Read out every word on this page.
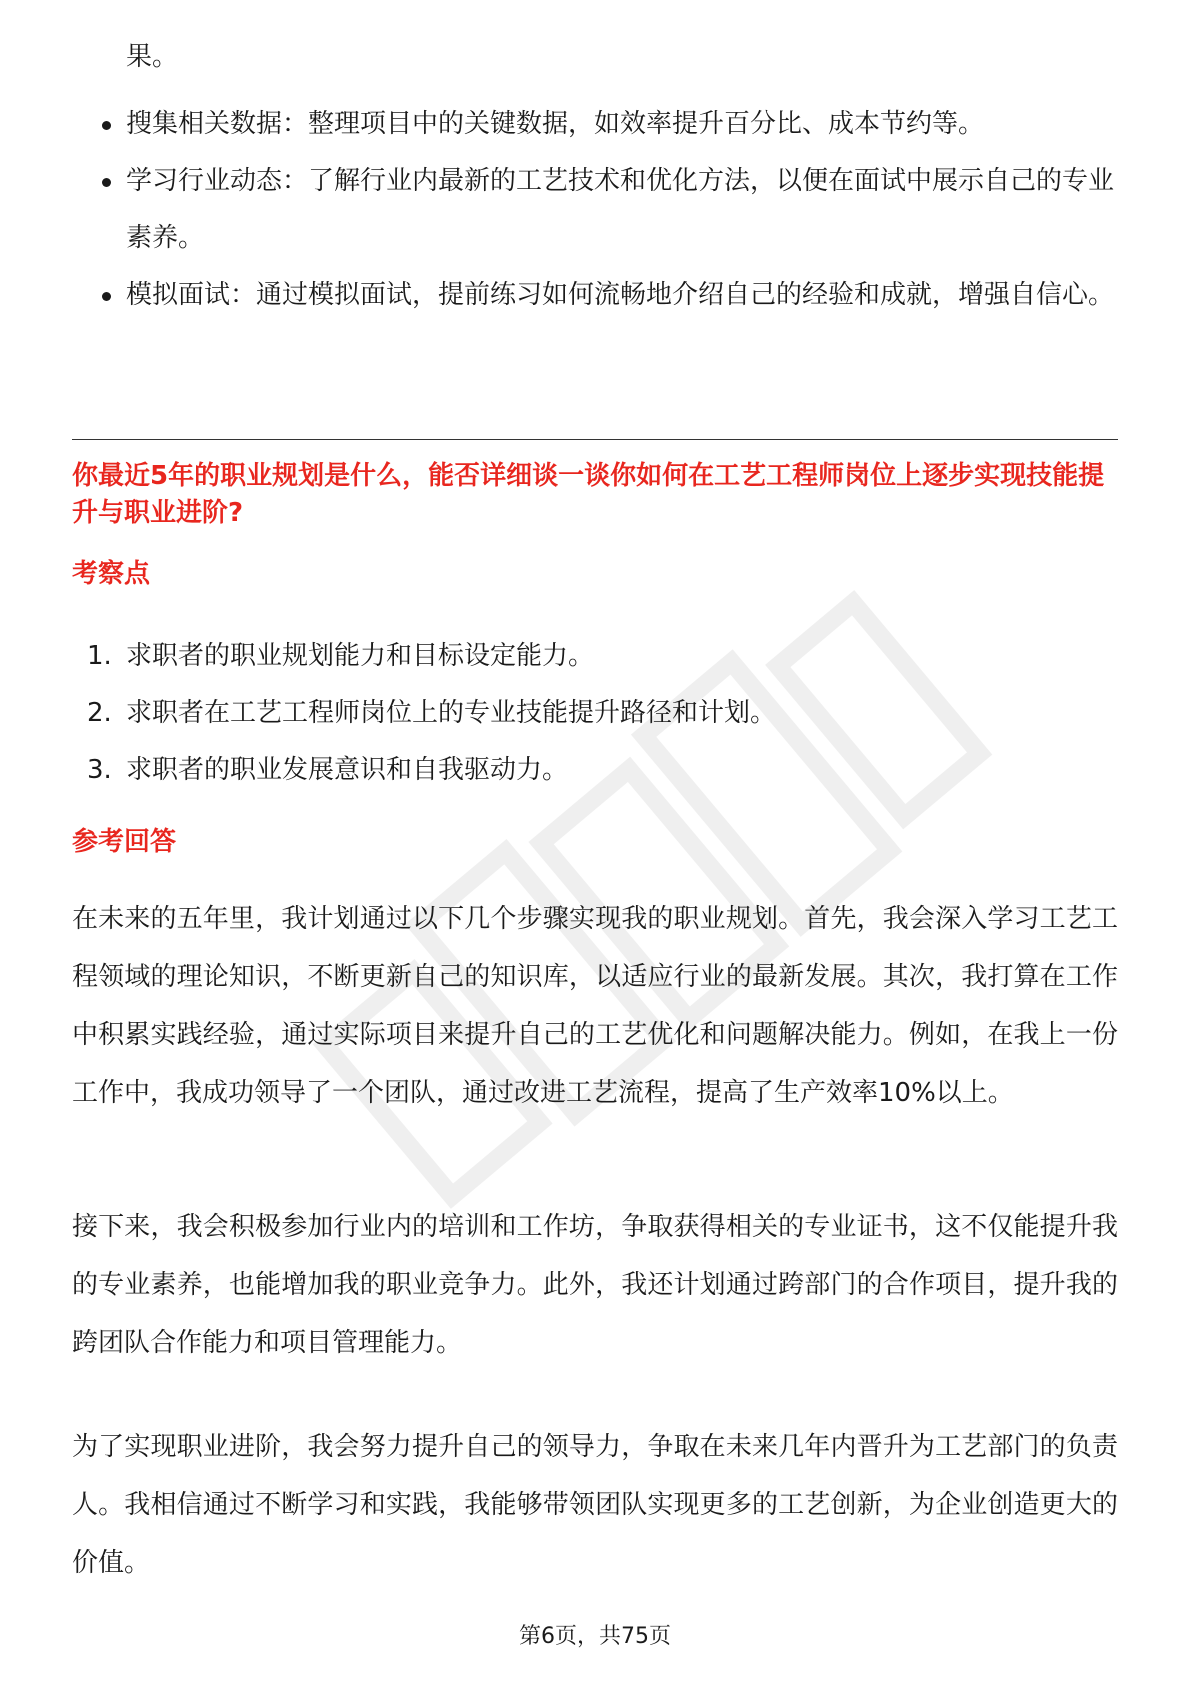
果。

搜集相关数据：整理项目中的关键数据，如效率提升百分比、成本节约等。
学习行业动态：了解行业内最新的工艺技术和优化方法，以便在面试中展示自己的专业素养。
模拟面试：通过模拟面试，提前练习如何流畅地介绍自己的经验和成就，增强自信心。
你最近5年的职业规划是什么，能否详细谈一谈你如何在工艺工程师岗位上逐步实现技能提升与职业进阶?
考察点
1. 求职者的职业规划能力和目标设定能力。
2. 求职者在工艺工程师岗位上的专业技能提升路径和计划。
3. 求职者的职业发展意识和自我驱动力。
参考回答

在未来的五年里，我计划通过以下几个步骤实现我的职业规划。首先，我会深入学习工艺工程领域的理论知识，不断更新自己的知识库，以适应行业的最新发展。其次，我打算在工作中积累实践经验，通过实际项目来提升自己的工艺优化和问题解决能力。例如，在我上一份工作中，我成功领导了一个团队，通过改进工艺流程，提高了生产效率10%以上。

接下来，我会积极参加行业内的培训和工作坊，争取获得相关的专业证书，这不仅能提升我的专业素养，也能增加我的职业竞争力。此外，我还计划通过跨部门的合作项目，提升我的跨团队合作能力和项目管理能力。

为了实现职业进阶，我会努力提升自己的领导力，争取在未来几年内晋升为工艺部门的负责人。我相信通过不断学习和实践，我能够带领团队实现更多的工艺创新，为企业创造更大的价值。

第6页，共75页
